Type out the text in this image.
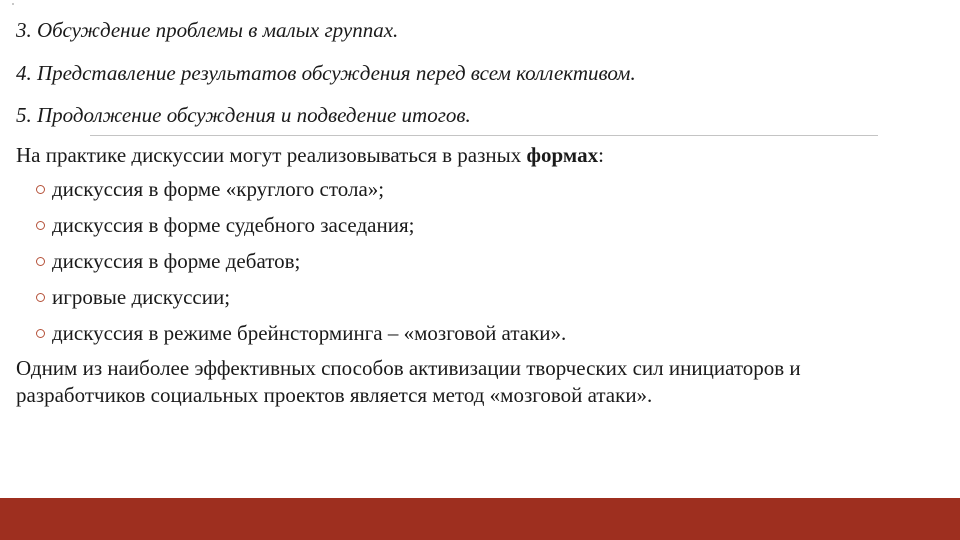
3. Обсуждение проблемы в малых группах.
4. Представление результатов обсуждения перед всем коллективом.
5. Продолжение обсуждения и подведение итогов.
На практике дискуссии могут реализовываться в разных формах:
дискуссия в форме «круглого стола»;
дискуссия в форме судебного заседания;
дискуссия в форме дебатов;
игровые дискуссии;
дискуссия в режиме брейнсторминга – «мозговой атаки».
Одним из наиболее эффективных способов активизации творческих сил инициаторов и разработчиков социальных проектов является метод «мозговой атаки».
